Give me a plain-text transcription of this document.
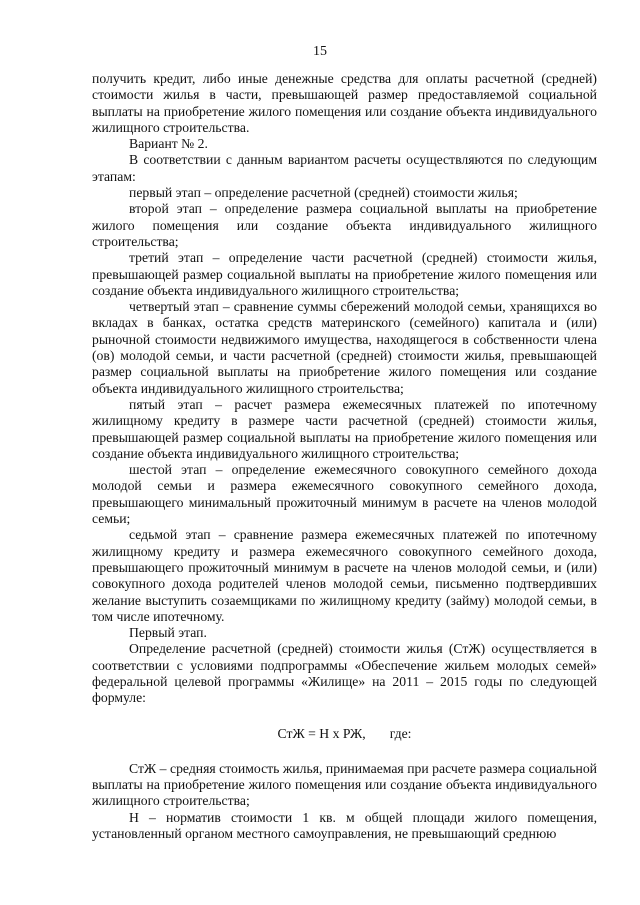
15

получить кредит, либо иные денежные средства для оплаты расчетной (средней) стоимости жилья в части, превышающей размер предоставляемой социальной выплаты на приобретение жилого помещения или создание объекта индивидуального жилищного строительства.

Вариант № 2.

В соответствии с данным вариантом расчеты осуществляются по следующим этапам:

первый этап – определение расчетной (средней) стоимости жилья;

второй этап – определение размера социальной выплаты на приобретение жилого помещения или создание объекта индивидуального жилищного строительства;

третий этап – определение части расчетной (средней) стоимости жилья, превышающей размер социальной выплаты на приобретение жилого помещения или создание объекта индивидуального жилищного строительства;

четвертый этап – сравнение суммы сбережений молодой семьи, хранящихся во вкладах в банках, остатка средств материнского (семейного) капитала и (или) рыночной стоимости недвижимого имущества, находящегося в собственности члена (ов) молодой семьи, и части расчетной (средней) стоимости жилья, превышающей размер социальной выплаты на приобретение жилого помещения или создание объекта индивидуального жилищного строительства;

пятый этап – расчет размера ежемесячных платежей по ипотечному жилищному кредиту в размере части расчетной (средней) стоимости жилья, превышающей размер социальной выплаты на приобретение жилого помещения или создание объекта индивидуального жилищного строительства;

шестой этап – определение ежемесячного совокупного семейного дохода молодой семьи и размера ежемесячного совокупного семейного дохода, превышающего минимальный прожиточный минимум в расчете на членов молодой семьи;

седьмой этап – сравнение размера ежемесячных платежей по ипотечному жилищному кредиту и размера ежемесячного совокупного семейного дохода, превышающего прожиточный минимум в расчете на членов молодой семьи, и (или) совокупного дохода родителей членов молодой семьи, письменно подтвердивших желание выступить созаемщиками по жилищному кредиту (займу) молодой семьи, в том числе ипотечному.

Первый этап.

Определение расчетной (средней) стоимости жилья (СтЖ) осуществляется в соответствии с условиями подпрограммы «Обеспечение жильем молодых семей» федеральной целевой программы «Жилище» на 2011 – 2015 годы по следующей формуле:

СтЖ = Н х РЖ, где:

СтЖ – средняя стоимость жилья, принимаемая при расчете размера социальной выплаты на приобретение жилого помещения или создание объекта индивидуального жилищного строительства;

Н – норматив стоимости 1 кв. м общей площади жилого помещения, установленный органом местного самоуправления, не превышающий среднюю
